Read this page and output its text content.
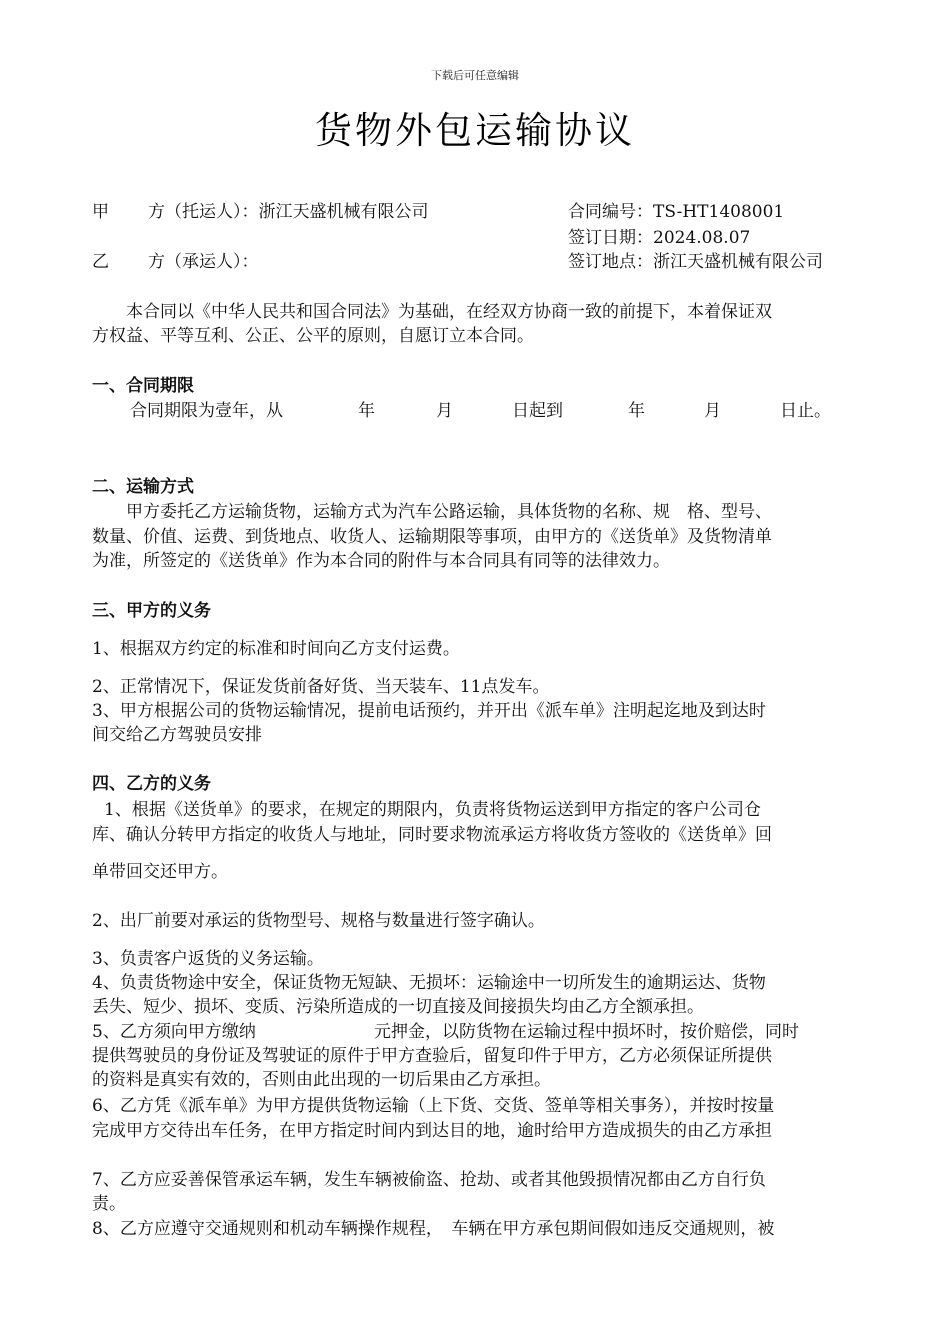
下载后可任意编辑
货物外包运输协议
甲 方（托运人）：浙江天盛机械有限公司	合同编号：TS-HT1408001
签订日期：2024.08.07
乙 方（承运人）：	签订地点：浙江天盛机械有限公司
本合同以《中华人民共和国合同法》为基础，在经双方协商一致的前提下，本着保证双
方权益、平等互利、公正、公平的原则，自愿订立本合同。
一、合同期限
合同期限为壹年，从	年	月	日起到	年	月	日止。
二、运输方式
甲方委托乙方运输货物，运输方式为汽车公路运输，具体货物的名称、规　格、型号、
数量、价值、运费、到货地点、收货人、运输期限等事项，由甲方的《送货单》及货物清单
为准，所签定的《送货单》作为本合同的附件与本合同具有同等的法律效力。
三、甲方的义务
1、根据双方约定的标准和时间向乙方支付运费。
2、正常情况下，保证发货前备好货、当天装车、11点发车。
3、甲方根据公司的货物运输情况，提前电话预约，并开出《派车单》注明起迄地及到达时
间交给乙方驾驶员安排
四、乙方的义务
1、根据《送货单》的要求，在规定的期限内，负责将货物运送到甲方指定的客户公司仓
库、确认分转甲方指定的收货人与地址，同时要求物流承运方将收货方签收的《送货单》回
单带回交还甲方。
2、出厂前要对承运的货物型号、规格与数量进行签字确认。
3、负责客户返货的义务运输。
4、负责货物途中安全，保证货物无短缺、无损坏：运输途中一切所发生的逾期运达、货物
丢失、短少、损坏、变质、污染所造成的一切直接及间接损失均由乙方全额承担。
5、乙方须向甲方缴纳	元押金，以防货物在运输过程中损坏时，按价赔偿，同时
提供驾驶员的身份证及驾驶证的原件于甲方查验后，留复印件于甲方，乙方必须保证所提供
的资料是真实有效的，否则由此出现的一切后果由乙方承担。
6、乙方凭《派车单》为甲方提供货物运输（上下货、交货、签单等相关事务），并按时按量
完成甲方交待出车任务，在甲方指定时间内到达目的地，逾时给甲方造成损失的由乙方承担
7、乙方应妥善保管承运车辆，发生车辆被偷盗、抢劫、或者其他毁损情况都由乙方自行负
责。
8、乙方应遵守交通规则和机动车辆操作规程，　车辆在甲方承包期间假如违反交通规则，被
